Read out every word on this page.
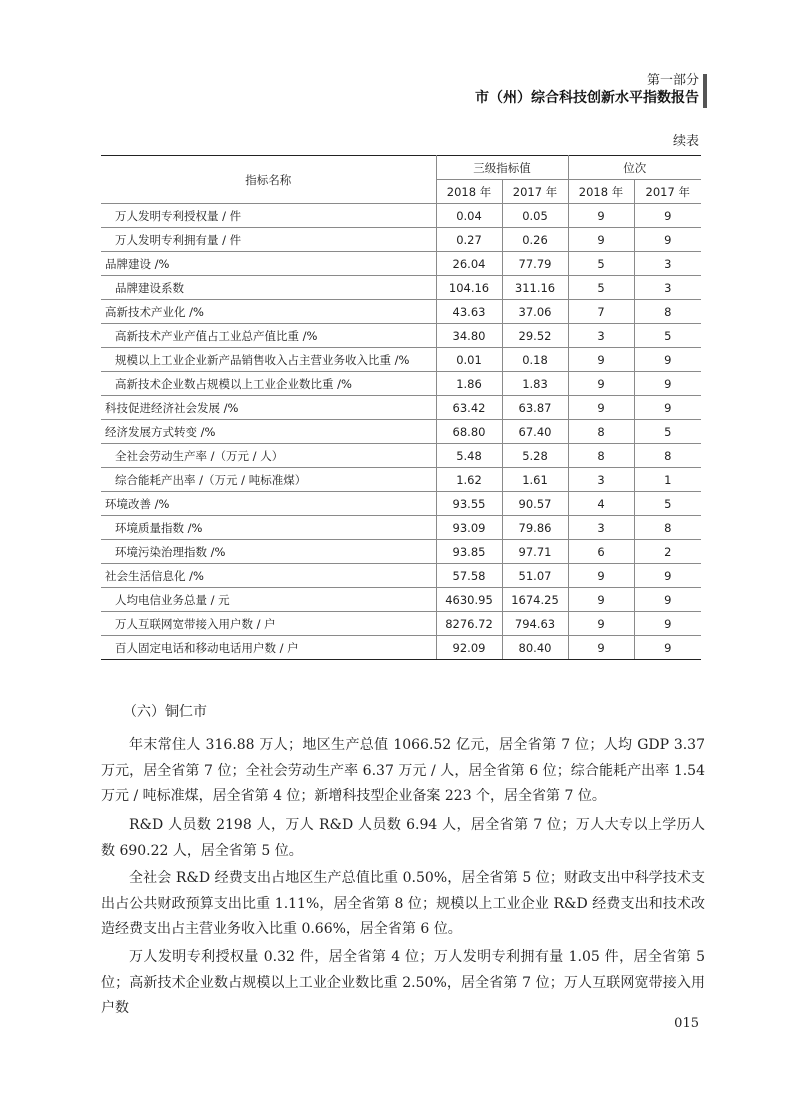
第一部分
市（州）综合科技创新水平指数报告
续表
指标名称	三级指标值		位次	
	2018 年	2017 年	2018 年	2017 年
万人发明专利授权量 / 件	0.04	0.05	9	9
万人发明专利拥有量 / 件	0.27	0.26	9	9
品牌建设 /%	26.04	77.79	5	3
品牌建设系数	104.16	311.16	5	3
高新技术产业化 /%	43.63	37.06	7	8
高新技术产业产值占工业总产值比重 /%	34.80	29.52	3	5
规模以上工业企业新产品销售收入占主营业务收入比重 /%	0.01	0.18	9	9
高新技术企业数占规模以上工业企业数比重 /%	1.86	1.83	9	9
科技促进经济社会发展 /%	63.42	63.87	9	9
经济发展方式转变 /%	68.80	67.40	8	5
全社会劳动生产率 /（万元 / 人）	5.48	5.28	8	8
综合能耗产出率 /（万元 / 吨标准煤）	1.62	1.61	3	1
环境改善 /%	93.55	90.57	4	5
环境质量指数 /%	93.09	79.86	3	8
环境污染治理指数 /%	93.85	97.71	6	2
社会生活信息化 /%	57.58	51.07	9	9
人均电信业务总量 / 元	4630.95	1674.25	9	9
万人互联网宽带接入用户数 / 户	8276.72	794.63	9	9
百人固定电话和移动电话用户数 / 户	92.09	80.40	9	9
（六）铜仁市

年末常住人 316.88 万人；地区生产总值 1066.52 亿元，居全省第 7 位；人均 GDP 3.37 万元，居全省第 7 位；全社会劳动生产率 6.37 万元 / 人，居全省第 6 位；综合能耗产出率 1.54 万元 / 吨标准煤，居全省第 4 位；新增科技型企业备案 223 个，居全省第 7 位。

R&D 人员数 2198 人，万人 R&D 人员数 6.94 人，居全省第 7 位；万人大专以上学历人数 690.22 人，居全省第 5 位。

全社会 R&D 经费支出占地区生产总值比重 0.50%，居全省第 5 位；财政支出中科学技术支出占公共财政预算支出比重 1.11%，居全省第 8 位；规模以上工业企业 R&D 经费支出和技术改造经费支出占主营业务收入比重 0.66%，居全省第 6 位。

万人发明专利授权量 0.32 件，居全省第 4 位；万人发明专利拥有量 1.05 件，居全省第 5 位；高新技术企业数占规模以上工业企业数比重 2.50%，居全省第 7 位；万人互联网宽带接入用户数

015
